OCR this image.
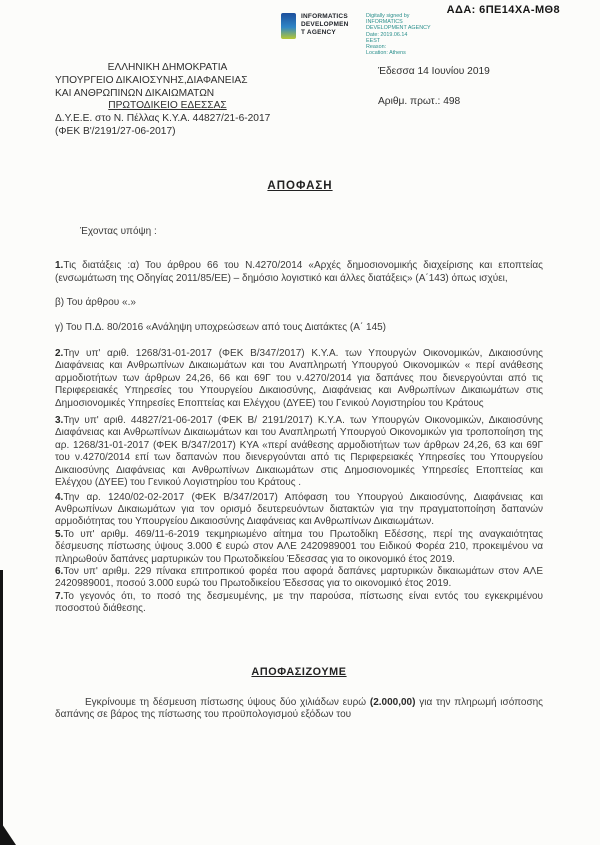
ΑΔΑ: 6ΠΕ14ΧΑ-ΜΘ8
INFORMATICS
DEVELOPMEN
T AGENCY
Digitally signed by
INFORMATICS
DEVELOPMENT AGENCY
Date: 2019.06.14
EEST
Reason:
Location: Athens
ΕΛΛΗΝΙΚΗ ΔΗΜΟΚΡΑΤΙΑ
ΥΠΟΥΡΓΕΙΟ ΔΙΚΑΙΟΣΥΝΗΣ,ΔΙΑΦΑΝΕΙΑΣ
ΚΑΙ ΑΝΘΡΩΠΙΝΩΝ ΔΙΚΑΙΩΜΑΤΩΝ
ΠΡΩΤΟΔΙΚΕΙΟ ΕΔΕΣΣΑΣ
Δ.Υ.Ε.Ε. στο Ν. Πέλλας Κ.Υ.Α. 44827/21-6-2017
(ΦΕΚ Β'/2191/27-06-2017)
Έδεσσα 14 Ιουνίου 2019
Αριθμ. πρωτ.: 498
ΑΠΟΦΑΣΗ

Έχοντας υπόψη :

1.Τις διατάξεις :α) Του άρθρου 66 του Ν.4270/2014 «Αρχές δημοσιονομικής διαχείρισης και εποπτείας (ενσωμάτωση της Οδηγίας 2011/85/ΕΕ) – δημόσιο λογιστικό και άλλες διατάξεις» (Α΄143) όπως ισχύει,

β) Του άρθρου «.»

γ) Του Π.Δ. 80/2016 «Ανάληψη υποχρεώσεων από τους Διατάκτες (Α΄ 145)

2.Την υπ' αριθ. 1268/31-01-2017 (ΦΕΚ Β/347/2017) Κ.Υ.Α. των Υπουργών Οικονομικών, Δικαιοσύνης Διαφάνειας και Ανθρωπίνων Δικαιωμάτων και του Αναπληρωτή Υπουργού Οικονομικών « περί ανάθεσης αρμοδιοτήτων των άρθρων 24,26, 66 και 69Γ του ν.4270/2014 για δαπάνες που διενεργούνται από τις Περιφερειακές Υπηρεσίες του Υπουργείου Δικαιοσύνης, Διαφάνειας και Ανθρωπίνων Δικαιωμάτων στις Δημοσιονομικές Υπηρεσίες Εποπτείας και Ελέγχου (ΔΥΕΕ) του Γενικού Λογιστηρίου του Κράτους

3.Την υπ' αριθ. 44827/21-06-2017 (ΦΕΚ Β/ 2191/2017) Κ.Υ.Α. των Υπουργών Οικονομικών, Δικαιοσύνης Διαφάνειας και Ανθρωπίνων Δικαιωμάτων και του Αναπληρωτή Υπουργού Οικονομικών για τροποποίηση της αρ. 1268/31-01-2017 (ΦΕΚ Β/347/2017) ΚΥΑ «περί ανάθεσης αρμοδιοτήτων των άρθρων 24,26, 63 και 69Γ του ν.4270/2014 επί των δαπανών που διενεργούνται από τις Περιφερειακές Υπηρεσίες του Υπουργείου Δικαιοσύνης Διαφάνειας και Ανθρωπίνων Δικαιωμάτων στις Δημοσιονομικές Υπηρεσίες Εποπτείας και Ελέγχου (ΔΥΕΕ) του Γενικού Λογιστηρίου του Κράτους .

4.Την αρ. 1240/02-02-2017 (ΦΕΚ Β/347/2017) Απόφαση του Υπουργού Δικαιοσύνης, Διαφάνειας και Ανθρωπίνων Δικαιωμάτων για τον ορισμό δευτερευόντων διατακτών για την πραγματοποίηση δαπανών αρμοδιότητας του Υπουργείου Δικαιοσύνης Διαφάνειας και Ανθρωπίνων Δικαιωμάτων.

5.Το υπ' αριθμ. 469/11-6-2019 τεκμηριωμένο αίτημα του Πρωτοδίκη Εδέσσης, περί της αναγκαιότητας δέσμευσης πίστωσης ύψους 3.000 € ευρώ στον ΑΛΕ 2420989001 του Ειδικού Φορέα 210, προκειμένου να πληρωθούν δαπάνες μαρτυρικών του Πρωτοδικείου Έδεσσας για το οικονομικό έτος 2019.

6.Τον υπ' αριθμ. 229 πίνακα επιτροπικού φορέα που αφορά δαπάνες μαρτυρικών δικαιωμάτων στον ΑΛΕ 2420989001, ποσού 3.000 ευρώ του Πρωτοδικείου Έδεσσας για το οικονομικό έτος 2019.

7.Το γεγονός ότι, το ποσό της δεσμευμένης, με την παρούσα, πίστωσης είναι εντός του εγκεκριμένου ποσοστού διάθεσης.

ΑΠΟΦΑΣΙΖΟΥΜΕ

Εγκρίνουμε τη δέσμευση πίστωσης ύψους δύο χιλιάδων ευρώ (2.000,00) για την πληρωμή ισόποσης δαπάνης σε βάρος της πίστωσης του προϋπολογισμού εξόδων του
